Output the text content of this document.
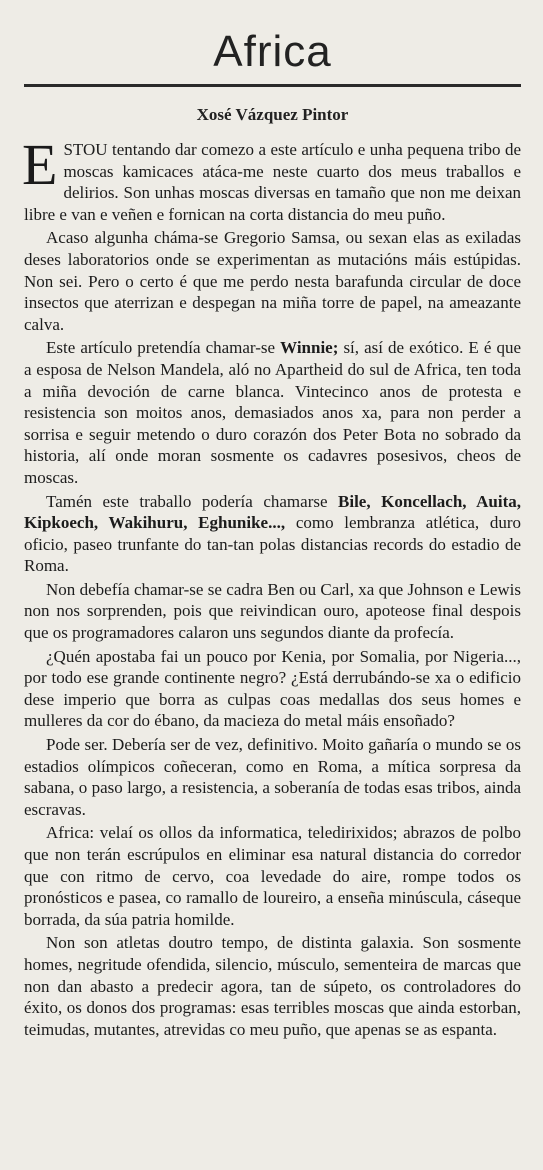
Africa
Xosé Vázquez Pintor

ESTOU tentando dar comezo a este artículo e unha pequena tribo de moscas kamicaces atáca-me neste cuarto dos meus traballos e delirios. Son unhas moscas diversas en tamaño que non me deixan libre e van e veñen e fornican na corta distancia do meu puño.

Acaso algunha cháma-se Gregorio Samsa, ou sexan elas as exiladas deses laboratorios onde se experimentan as mutacións máis estúpidas. Non sei. Pero o certo é que me perdo nesta barafunda circular de doce insectos que aterrizan e despegan na miña torre de papel, na ameazante calva.

Este artículo pretendía chamar-se Winnie; sí, así de exótico. E é que a esposa de Nelson Mandela, aló no Apartheid do sul de Africa, ten toda a miña devoción de carne blanca. Vintecinco anos de protesta e resistencia son moitos anos, demasiados anos xa, para non perder a sorrisa e seguir metendo o duro corazón dos Peter Bota no sobrado da historia, alí onde moran sosmente os cadavres posesivos, cheos de moscas.

Tamén este traballo podería chamarse Bile, Koncellach, Auita, Kipkoech, Wakihuru, Eghunike..., como lembranza atlética, duro oficio, paseo trunfante do tan-tan polas distancias records do estadio de Roma.

Non debefía chamar-se se cadra Ben ou Carl, xa que Johnson e Lewis non nos sorprenden, pois que reivindican ouro, apoteose final despois que os programadores calaron uns segundos diante da profecía.

¿Quén apostaba fai un pouco por Kenia, por Somalia, por Nigeria..., por todo ese grande continente negro? ¿Está derrubándo-se xa o edificio dese imperio que borra as culpas coas medallas dos seus homes e mulleres da cor do ébano, da macieza do metal máis ensoñado?

Pode ser. Debería ser de vez, definitivo. Moito gañaría o mundo se os estadios olímpicos coñeceran, como en Roma, a mítica sorpresa da sabana, o paso largo, a resistencia, a soberanía de todas esas tribos, ainda escravas.

Africa: velaí os ollos da informatica, teledirixidos; abrazos de polbo que non terán escrúpulos en eliminar esa natural distancia do corredor que con ritmo de cervo, coa levedade do aire, rompe todos os pronósticos e pasea, co ramallo de loureiro, a enseña minúscula, cáseque borrada, da súa patria homilde.

Non son atletas doutro tempo, de distinta galaxia. Son sosmente homes, negritude ofendida, silencio, músculo, sementeira de marcas que non dan abasto a predecir agora, tan de súpeto, os controladores do éxito, os donos dos programas: esas terribles moscas que ainda estorban, teimudas, mutantes, atrevidas co meu puño, que apenas se as espanta.
